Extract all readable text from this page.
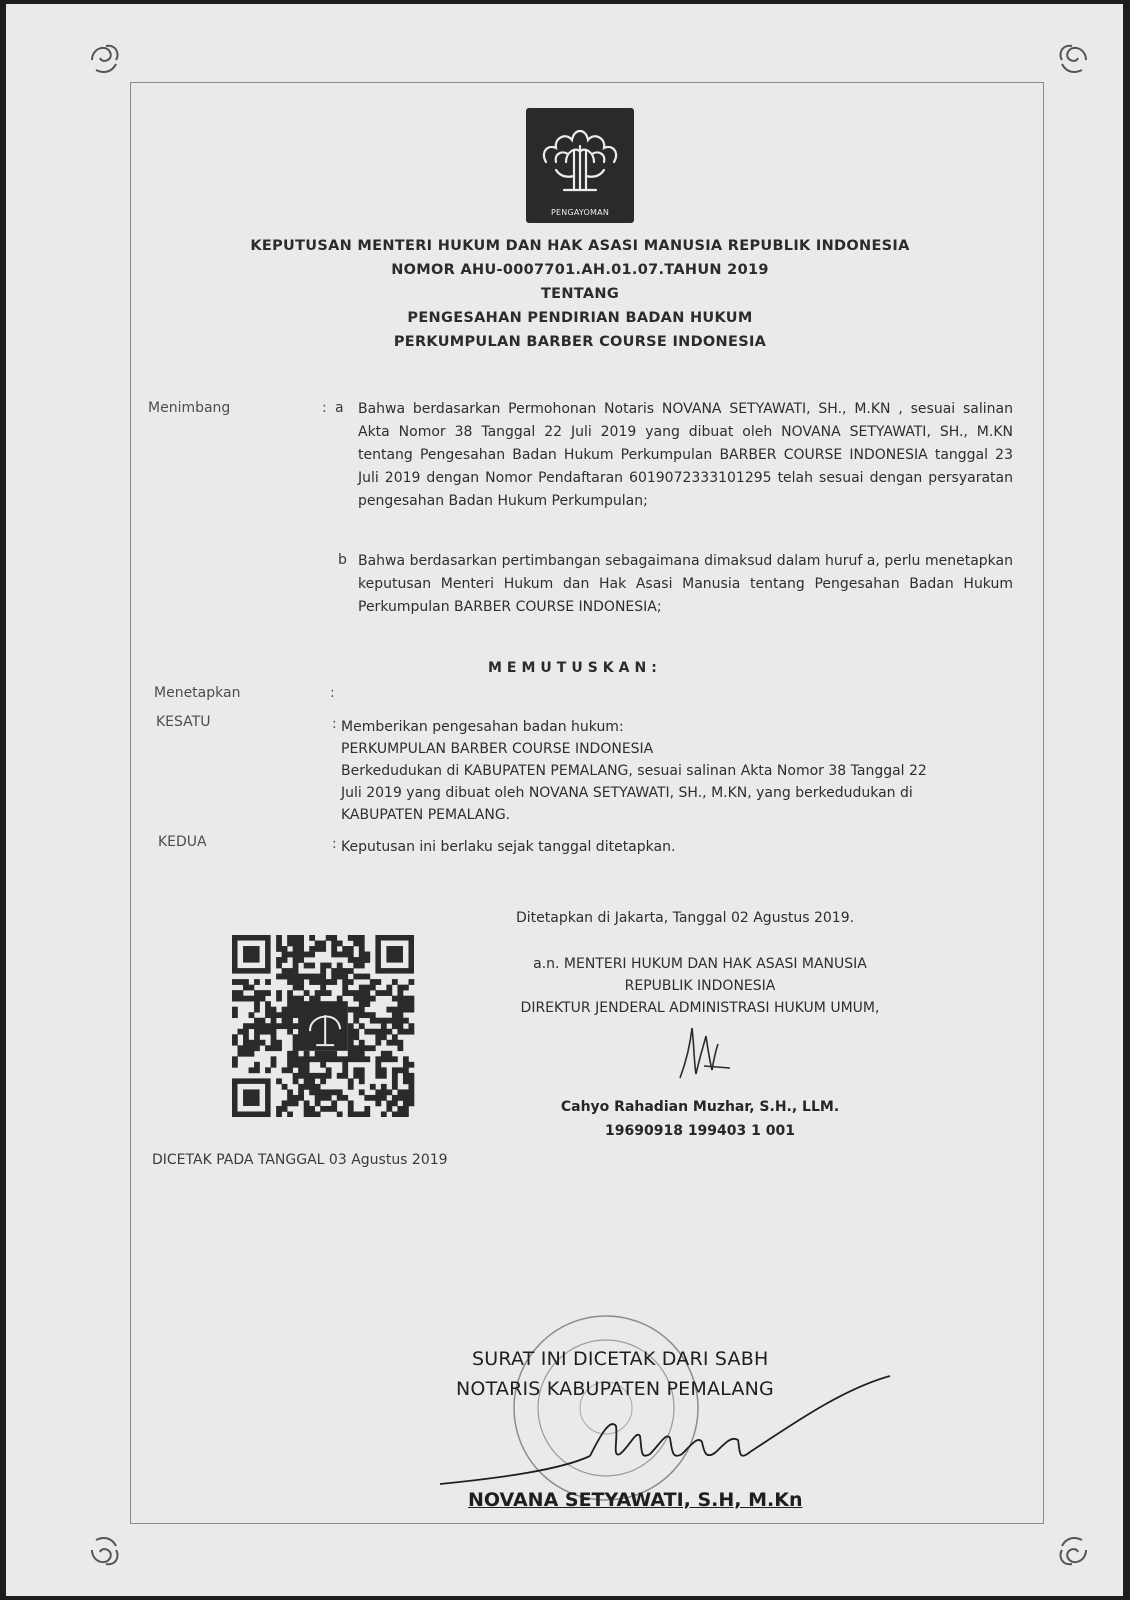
PENGAYOMAN
KEPUTUSAN MENTERI HUKUM DAN HAK ASASI MANUSIA REPUBLIK INDONESIA
NOMOR AHU-0007701.AH.01.07.TAHUN 2019
TENTANG
PENGESAHAN PENDIRIAN BADAN HUKUM
PERKUMPULAN BARBER COURSE INDONESIA
Menimbang	: a Bahwa berdasarkan Permohonan Notaris NOVANA SETYAWATI, SH., M.KN , sesuai salinan Akta Nomor 38 Tanggal 22 Juli 2019 yang dibuat oleh NOVANA SETYAWATI, SH., M.KN tentang Pengesahan Badan Hukum Perkumpulan BARBER COURSE INDONESIA tanggal 23 Juli 2019 dengan Nomor Pendaftaran 6019072333101295 telah sesuai dengan persyaratan pengesahan Badan Hukum Perkumpulan;
b Bahwa berdasarkan pertimbangan sebagaimana dimaksud dalam huruf a, perlu menetapkan keputusan Menteri Hukum dan Hak Asasi Manusia tentang Pengesahan Badan Hukum Perkumpulan BARBER COURSE INDONESIA;
MEMUTUSKAN:
Menetapkan	:
KESATU	: Memberikan pengesahan badan hukum:
PERKUMPULAN BARBER COURSE INDONESIA
Berkedudukan di KABUPATEN PEMALANG, sesuai salinan Akta Nomor 38 Tanggal 22
Juli 2019 yang dibuat oleh NOVANA SETYAWATI, SH., M.KN, yang berkedudukan di
KABUPATEN PEMALANG.
KEDUA	: Keputusan ini berlaku sejak tanggal ditetapkan.
Ditetapkan di Jakarta, Tanggal 02 Agustus 2019.
a.n. MENTERI HUKUM DAN HAK ASASI MANUSIA
REPUBLIK INDONESIA
DIREKTUR JENDERAL ADMINISTRASI HUKUM UMUM,
Cahyo Rahadian Muzhar, S.H., LLM.
19690918 199403 1 001
DICETAK PADA TANGGAL 03 Agustus 2019
SURAT INI DICETAK DARI SABH
NOTARIS KABUPATEN PEMALANG
NOVANA SETYAWATI, S.H, M.Kn
